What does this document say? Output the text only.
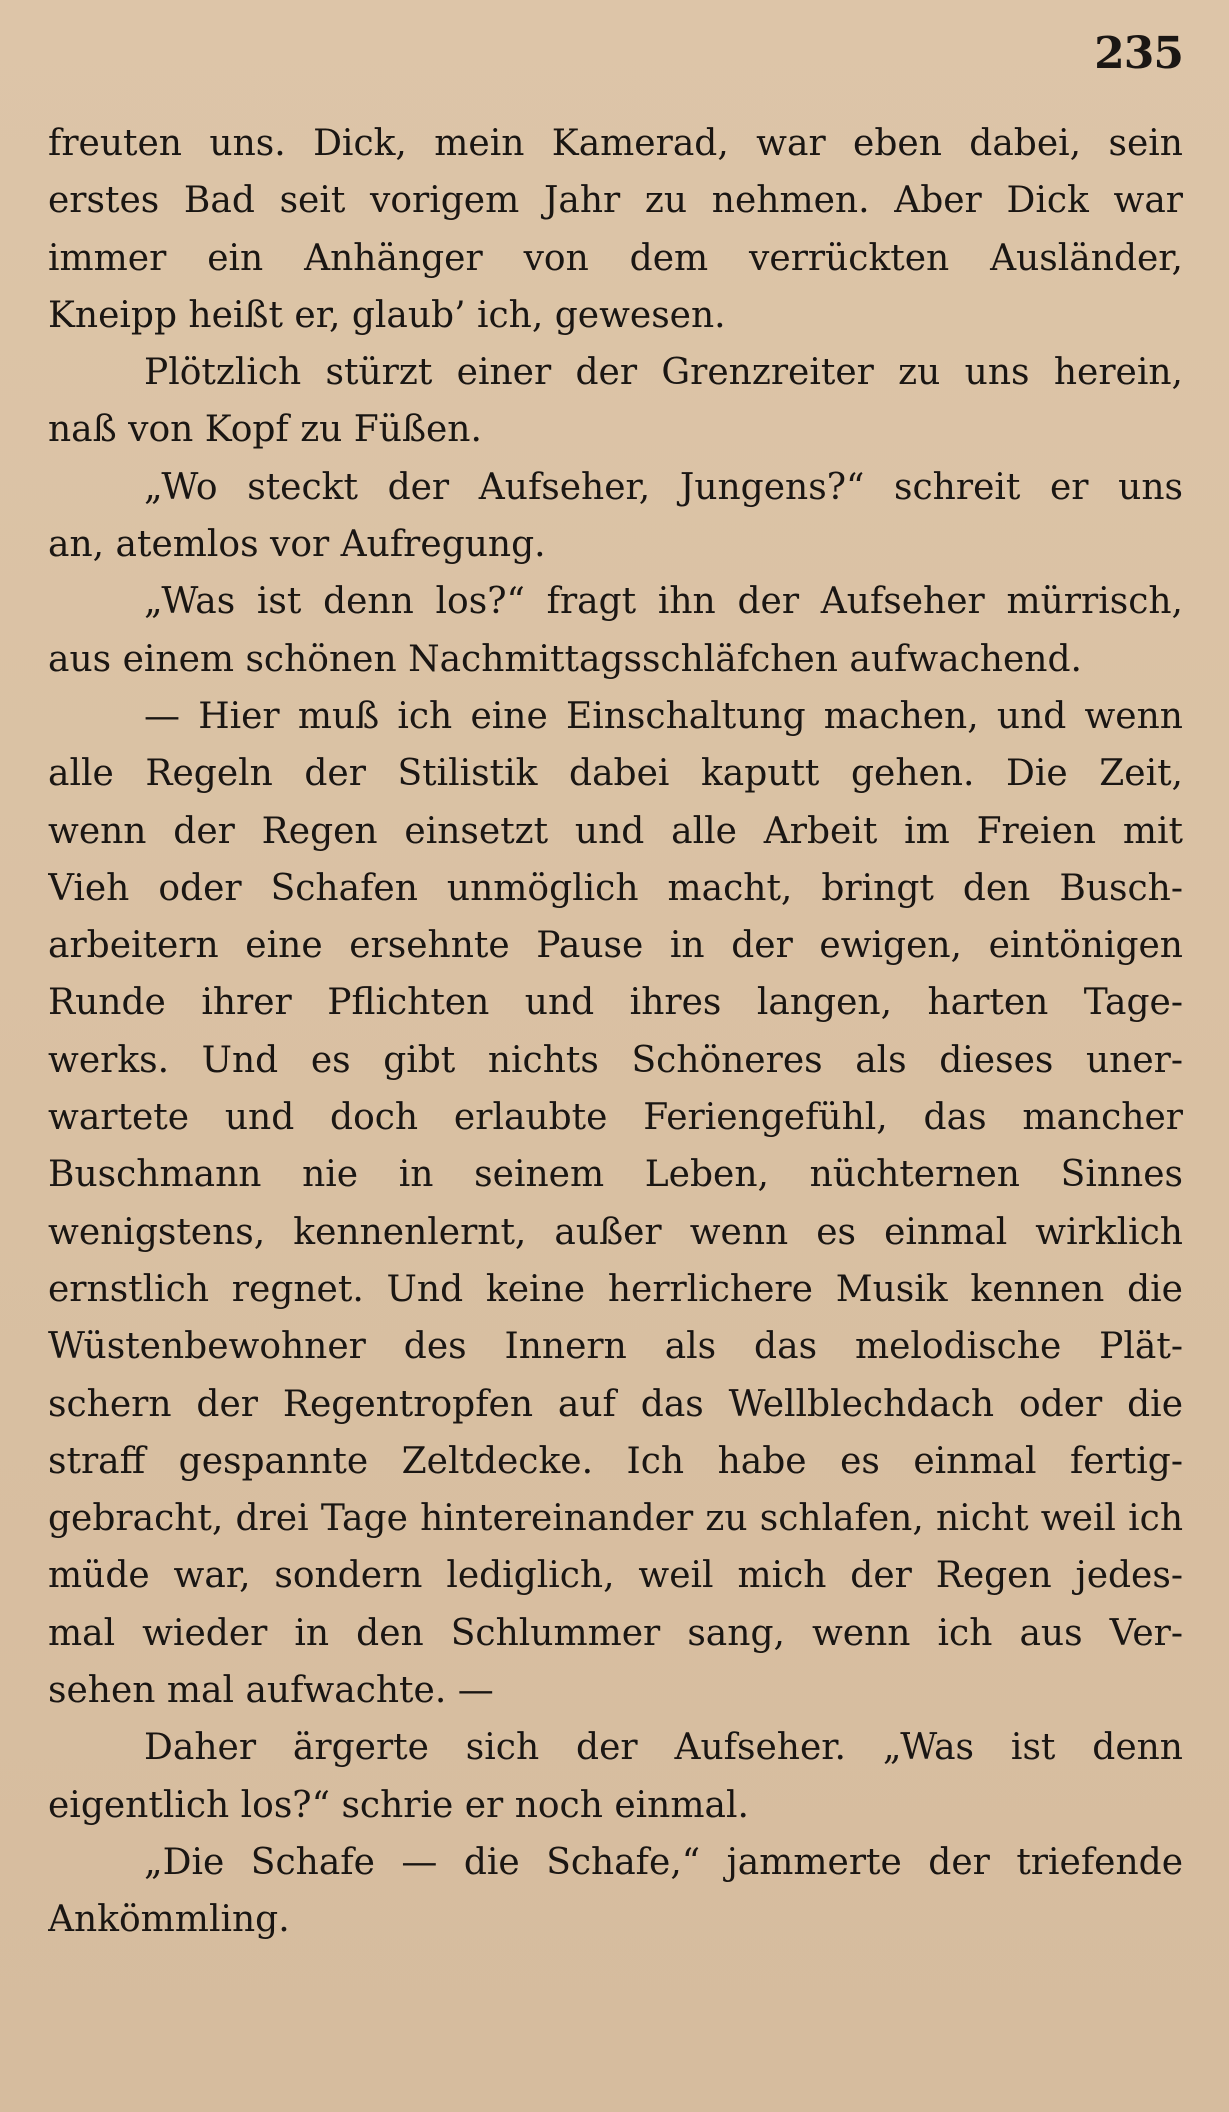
235
freuten uns. Dick, mein Kamerad, war eben dabei, sein
erstes Bad seit vorigem Jahr zu nehmen. Aber Dick war
immer ein Anhänger von dem verrückten Ausländer,
Kneipp heißt er, glaub’ ich, gewesen.
Plötzlich stürzt einer der Grenzreiter zu uns herein,
naß von Kopf zu Füßen.
„Wo steckt der Aufseher, Jungens?“ schreit er uns
an, atemlos vor Aufregung.
„Was ist denn los?“ fragt ihn der Aufseher mürrisch,
aus einem schönen Nachmittagsschläfchen aufwachend.
— Hier muß ich eine Einschaltung machen, und wenn
alle Regeln der Stilistik dabei kaputt gehen. Die Zeit,
wenn der Regen einsetzt und alle Arbeit im Freien mit
Vieh oder Schafen unmöglich macht, bringt den Busch-
arbeitern eine ersehnte Pause in der ewigen, eintönigen
Runde ihrer Pflichten und ihres langen, harten Tage-
werks. Und es gibt nichts Schöneres als dieses uner-
wartete und doch erlaubte Feriengefühl, das mancher
Buschmann nie in seinem Leben, nüchternen Sinnes
wenigstens, kennenlernt, außer wenn es einmal wirklich
ernstlich regnet. Und keine herrlichere Musik kennen die
Wüstenbewohner des Innern als das melodische Plät-
schern der Regentropfen auf das Wellblechdach oder die
straff gespannte Zeltdecke. Ich habe es einmal fertig-
gebracht, drei Tage hintereinander zu schlafen, nicht weil ich
müde war, sondern lediglich, weil mich der Regen jedes-
mal wieder in den Schlummer sang, wenn ich aus Ver-
sehen mal aufwachte. —
Daher ärgerte sich der Aufseher. „Was ist denn
eigentlich los?“ schrie er noch einmal.
„Die Schafe — die Schafe,“ jammerte der triefende
Ankömmling.
